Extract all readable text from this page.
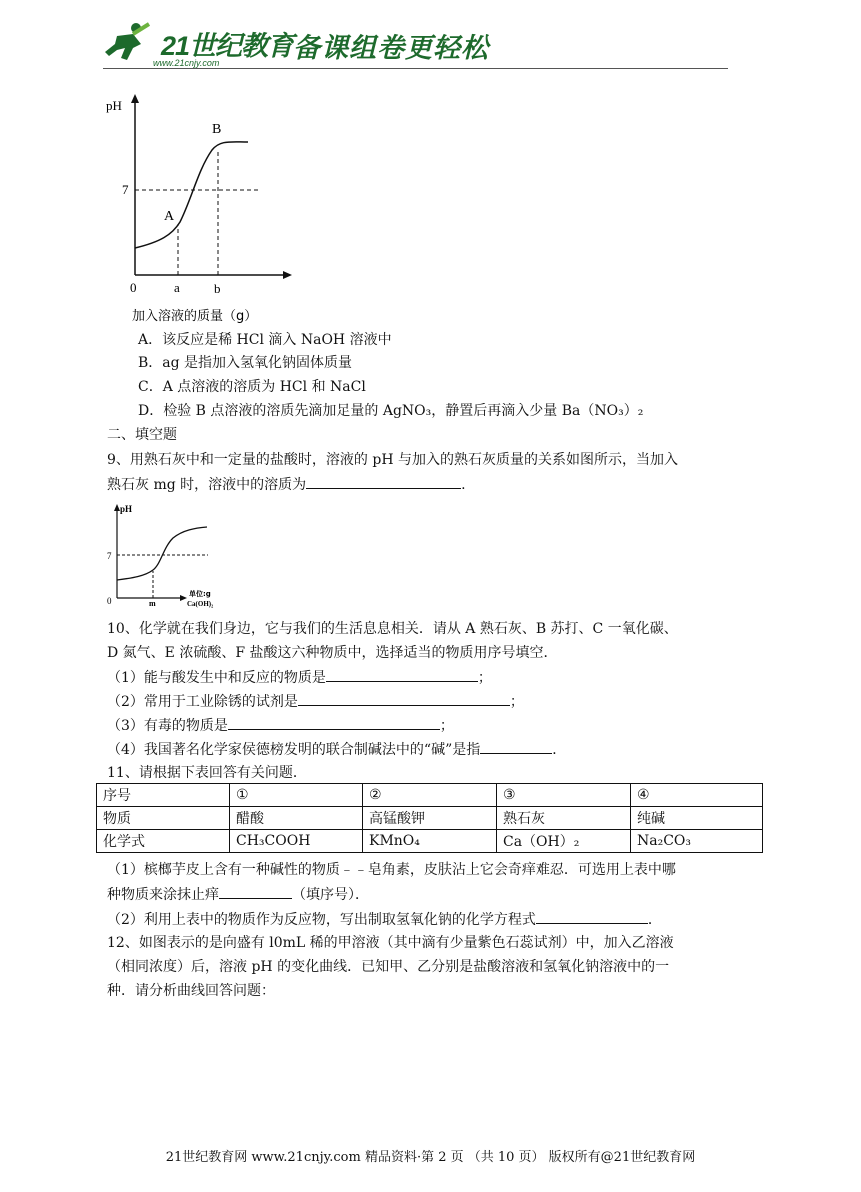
21世纪教育
www.21cnjy.com	备课组卷更轻松
pH
7
A
B
0	a	b
加入溶液的质量（g）
A．该反应是稀 HCl 滴入 NaOH 溶液中
B．ag 是指加入氢氧化钠固体质量
C．A 点溶液的溶质为 HCl 和 NaCl
D．检验 B 点溶液的溶质先滴加足量的 AgNO₃，静置后再滴入少量 Ba（NO₃）₂
二、填空题
9、用熟石灰中和一定量的盐酸时，溶液的 pH 与加入的熟石灰质量的关系如图所示，当加入
熟石灰 mg 时，溶液中的溶质为	.
pH
7
0	m
单位:g
Ca(OH)₂
10、化学就在我们身边，它与我们的生活息息相关．请从 A 熟石灰、B 苏打、C 一氧化碳、
D 氮气、E 浓硫酸、F 盐酸这六种物质中，选择适当的物质用序号填空．
（1）能与酸发生中和反应的物质是	；
（2）常用于工业除锈的试剂是	；
（3）有毒的物质是	；
（4）我国著名化学家侯德榜发明的联合制碱法中的“碱”是指	．
11、请根据下表回答有关问题．
序号	①	②	③	④
物质	醋酸	高锰酸钾	熟石灰	纯碱
化学式	CH₃COOH	KMnO₄	Ca（OH）₂	Na₂CO₃
（1）槟榔芋皮上含有一种碱性的物质﹣﹣皂角素，皮肤沾上它会奇痒难忍．可选用上表中哪
种物质来涂抹止痒	（填序号）．
（2）利用上表中的物质作为反应物，写出制取氢氧化钠的化学方程式	．
12、如图表示的是向盛有 l0mL 稀的甲溶液（其中滴有少量紫色石蕊试剂）中，加入乙溶液
（相同浓度）后，溶液 pH 的变化曲线．已知甲、乙分别是盐酸溶液和氢氧化钠溶液中的一
种．请分析曲线回答问题：
21世纪教育网 www.21cnjy.com 精品资料·第 2 页 （共 10 页） 版权所有@21世纪教育网
